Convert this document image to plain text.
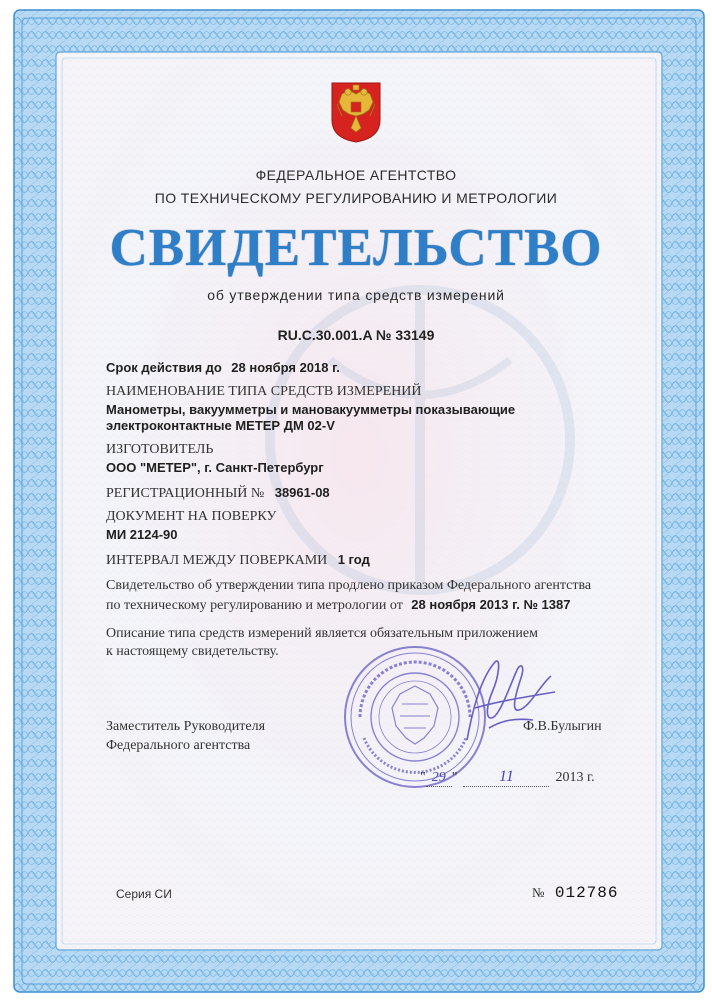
ФЕДЕРАЛЬНОЕ АГЕНТСТВО
ПО ТЕХНИЧЕСКОМУ РЕГУЛИРОВАНИЮ И МЕТРОЛОГИИ
СВИДЕТЕЛЬСТВО
об утверждении типа средств измерений
RU.C.30.001.A № 33149
Срок действия до 28 ноября 2018 г.
НАИМЕНОВАНИЕ ТИПА СРЕДСТВ ИЗМЕРЕНИЙ
Манометры, вакуумметры и мановакуумметры показывающие
электроконтактные МЕТЕР ДМ 02-V
ИЗГОТОВИТЕЛЬ
ООО "МЕТЕР", г. Санкт-Петербург
РЕГИСТРАЦИОННЫЙ № 38961-08
ДОКУМЕНТ НА ПОВЕРКУ
МИ 2124-90
ИНТЕРВАЛ МЕЖДУ ПОВЕРКАМИ 1 год
Свидетельство об утверждении типа продлено приказом Федерального агентства
по техническому регулированию и метрологии от 28 ноября 2013 г. № 1387
Описание типа средств измерений является обязательным приложением
к настоящему свидетельству.
Заместитель Руководителя
Федерального агентства
Ф.В.Булыгин
" 29 "	11	2013 г.
Серия СИ	№ 012786
